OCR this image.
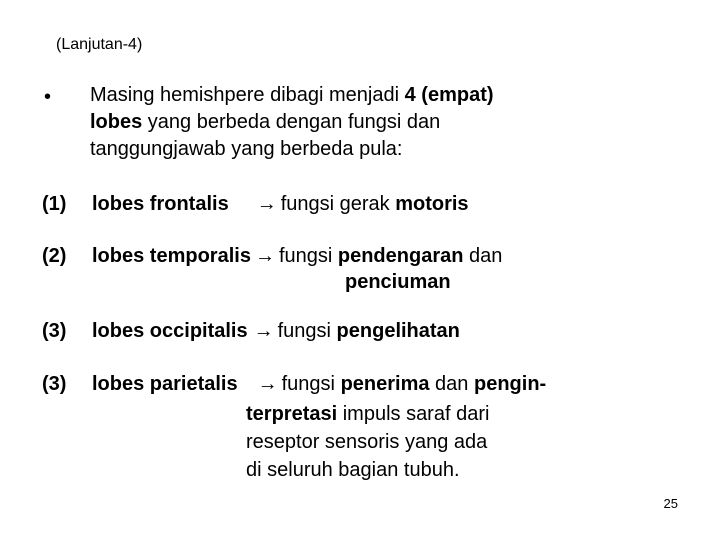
(Lanjutan-4)
• Masing hemishpere dibagi menjadi 4 (empat)
lobes yang berbeda dengan fungsi dan
tanggungjawab yang berbeda pula:
(1) lobes frontalis → fungsi gerak motoris
(2) lobes temporalis → fungsi pendengaran dan
penciuman
(3) lobes occipitalis → fungsi pengelihatan
(3) lobes parietalis → fungsi penerima dan pengin-
terpretasi impuls saraf dari
reseptor sensoris yang ada
di seluruh bagian tubuh.
25
